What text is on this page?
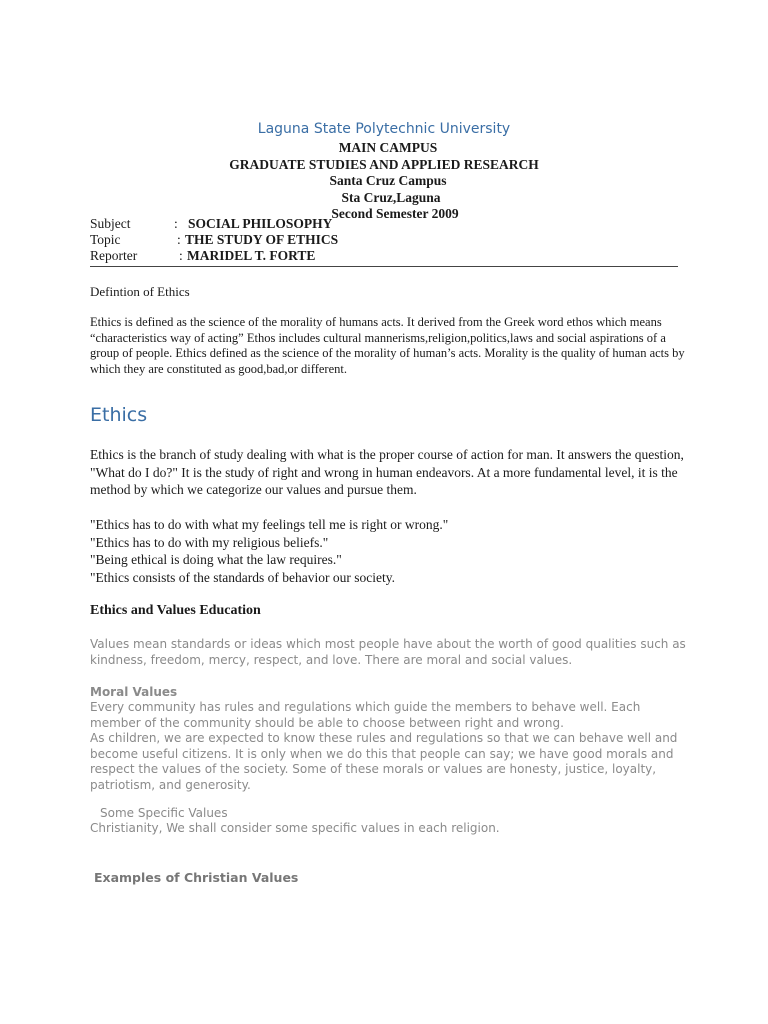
Laguna State Polytechnic University
MAIN CAMPUS
GRADUATE STUDIES AND APPLIED RESEARCH
Santa Cruz Campus
Sta Cruz,Laguna
Second Semester 2009
Subject	: SOCIAL PHILOSOPHY
Topic	: THE STUDY OF ETHICS
Reporter	: MARIDEL T. FORTE
Defintion of Ethics
Ethics is defined as the science of the morality of humans acts. It derived from the Greek word ethos which means “characteristics way of acting” Ethos includes cultural mannerisms,religion,politics,laws and social aspirations of a group of people. Ethics defined as the science of the morality of human’s acts. Morality is the quality of human acts by which they are constituted as good,bad,or different.
Ethics
Ethics is the branch of study dealing with what is the proper course of action for man. It answers the question, "What do I do?" It is the study of right and wrong in human endeavors. At a more fundamental level, it is the method by which we categorize our values and pursue them.
"Ethics has to do with what my feelings tell me is right or wrong."
"Ethics has to do with my religious beliefs."
"Being ethical is doing what the law requires."
"Ethics consists of the standards of behavior our society.
Ethics and Values Education
Values mean standards or ideas which most people have about the worth of good qualities such as kindness, freedom, mercy, respect, and love. There are moral and social values.
Moral Values
Every community has rules and regulations which guide the members to behave well. Each member of the community should be able to choose between right and wrong.
As children, we are expected to know these rules and regulations so that we can behave well and become useful citizens. It is only when we do this that people can say; we have good morals and respect the values of the society. Some of these morals or values are honesty, justice, loyalty, patriotism, and generosity.
Some Specific Values
Christianity, We shall consider some specific values in each religion.
Examples of Christian Values
